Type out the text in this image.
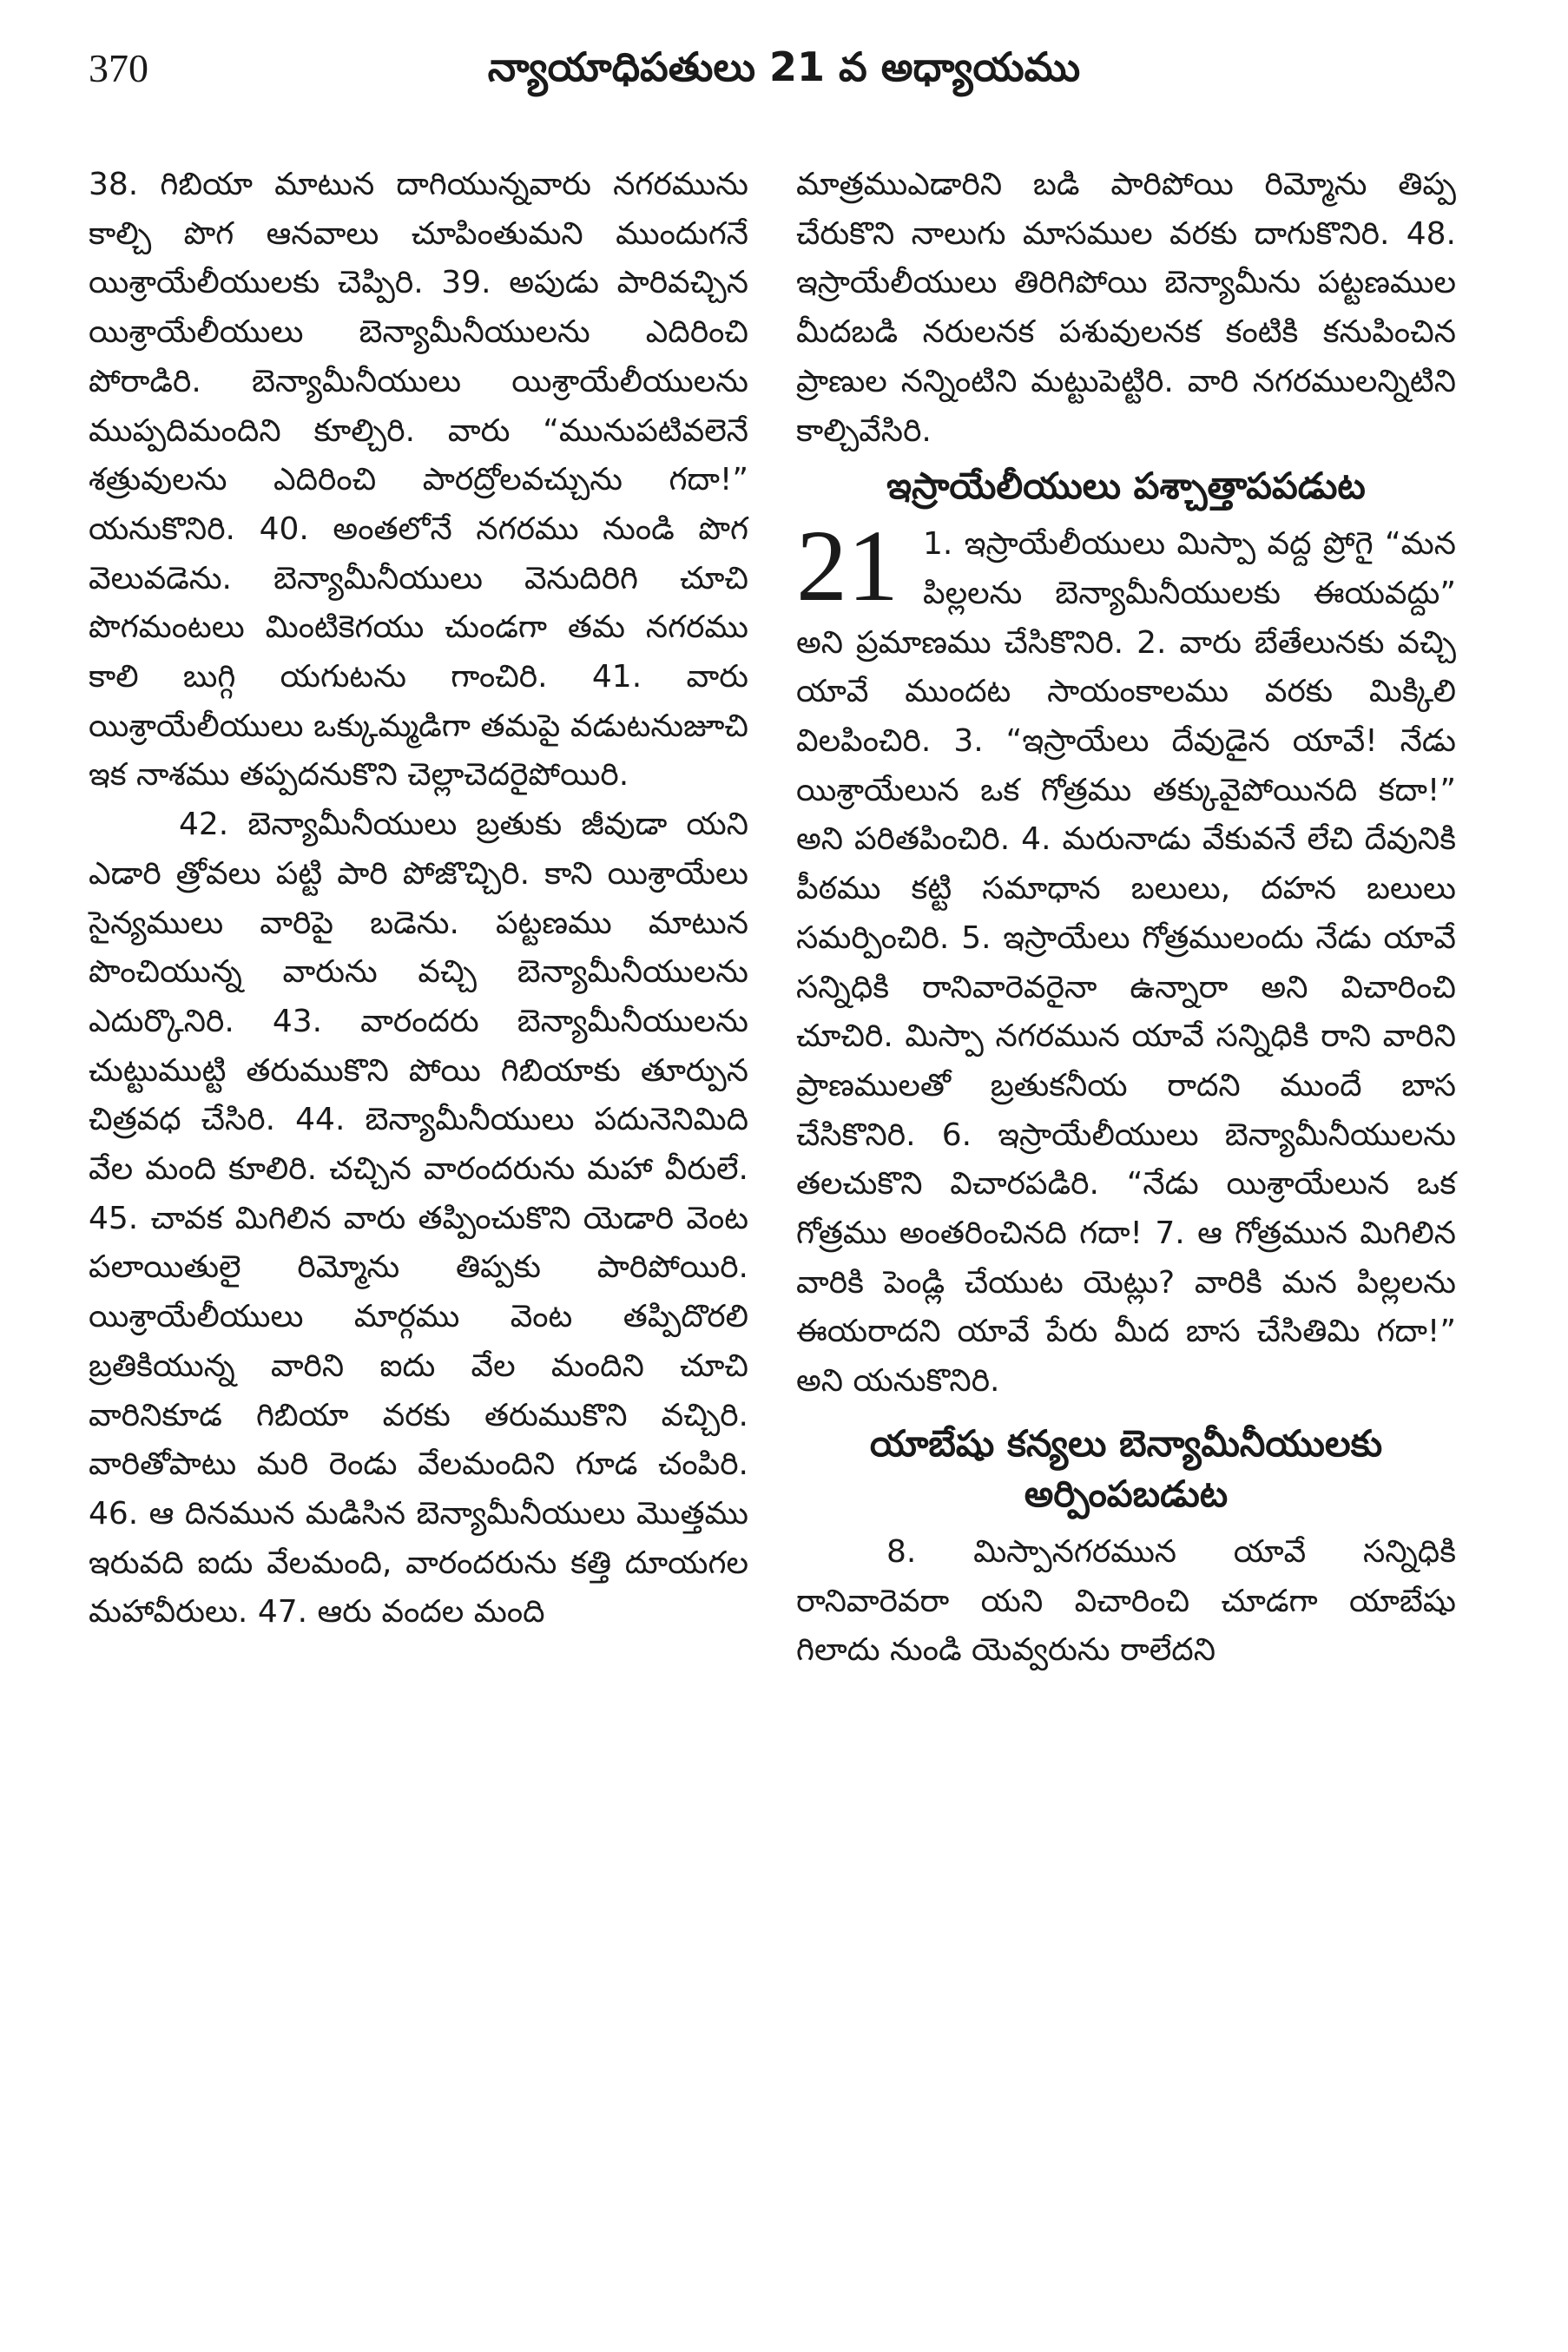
370	న్యాయాధిపతులు 21 వ అధ్యాయము

38. గిబియా మాటున దాగియున్నవారు నగరమును కాల్చి పొగ ఆనవాలు చూపింతుమని ముందుగనే యిశ్రాయేలీయులకు చెప్పిరి. 39. అపుడు పారివచ్చిన యిశ్రాయేలీయులు బెన్యామీనీయులను ఎదిరించి పోరాడిరి. బెన్యామీనీయులు యిశ్రాయేలీయులను ముప్పదిమందిని కూల్చిరి. వారు “మునుపటివలెనే శత్రువులను ఎదిరించి పారద్రోలవచ్చును గదా!” యనుకొనిరి. 40. అంతలోనే నగరము నుండి పొగ వెలువడెను. బెన్యామీనీయులు వెనుదిరిగి చూచి పొగమంటలు మింటికెగయు చుండగా తమ నగరము కాలి బుగ్గి యగుటను గాంచిరి. 41. వారు యిశ్రాయేలీయులు ఒక్కుమ్మడిగా తమపై వడుటనుజూచి ఇక నాశము తప్పదనుకొని చెల్లాచెదరైపోయిరి.

42. బెన్యామీనీయులు బ్రతుకు జీవుడా యని ఎడారి త్రోవలు పట్టి పారి పోజొచ్చిరి. కాని యిశ్రాయేలు సైన్యములు వారిపై బడెను. పట్టణము మాటున పొంచియున్న వారును వచ్చి బెన్యామీనీయులను ఎదుర్కొనిరి. 43. వారందరు బెన్యామీనీయులను చుట్టుముట్టి తరుముకొని పోయి గిబియాకు తూర్పున చిత్రవధ చేసిరి. 44. బెన్యామీనీయులు పదునెనిమిది వేల మంది కూలిరి. చచ్చిన వారందరును మహా వీరులే. 45. చావక మిగిలిన వారు తప్పించుకొని యెడారి వెంట పలాయితులై రిమ్మోను తిప్పకు పారిపోయిరి. యిశ్రాయేలీయులు మార్గము వెంట తప్పిదొరలి బ్రతికియున్న వారిని ఐదు వేల మందిని చూచి వారినికూడ గిబియా వరకు తరుముకొని వచ్చిరి. వారితోపాటు మరి రెండు వేలమందిని గూడ చంపిరి. 46. ఆ దినమున మడిసిన బెన్యామీనీయులు మొత్తము ఇరువది ఐదు వేలమంది, వారందరును కత్తి దూయగల మహావీరులు. 47. ఆరు వందల మంది

మాత్రముఎడారిని బడి పారిపోయి రిమ్మోను తిప్ప చేరుకొని నాలుగు మాసముల వరకు దాగుకొనిరి. 48. ఇస్రాయేలీయులు తిరిగిపోయి బెన్యామీను పట్టణముల మీదబడి నరులనక పశువులనక కంటికి కనుపించిన ప్రాణుల నన్నింటిని మట్టుపెట్టిరి. వారి నగరములన్నిటిని కాల్చివేసిరి.

ఇస్రాయేలీయులు పశ్చాత్తాపపడుట
21 1. ఇస్రాయేలీయులు మిస్పా వద్ద ప్రోగై “మన పిల్లలను బెన్యామీనీయులకు ఈయవద్దు” అని ప్రమాణము చేసికొనిరి. 2. వారు బేతేలునకు వచ్చి యావే ముందట సాయంకాలము వరకు మిక్కిలి విలపించిరి. 3. “ఇస్రాయేలు దేవుడైన యావే! నేడు యిశ్రాయేలున ఒక గోత్రము తక్కువైపోయినది కదా!” అని పరితపించిరి. 4. మరునాడు వేకువనే లేచి దేవునికి పీఠము కట్టి సమాధాన బలులు, దహన బలులు సమర్పించిరి. 5. ఇస్రాయేలు గోత్రములందు నేడు యావే సన్నిధికి రానివారెవరైనా ఉన్నారా అని విచారించి చూచిరి. మిస్పా నగరమున యావే సన్నిధికి రాని వారిని ప్రాణములతో బ్రతుకనీయ రాదని ముందే బాస చేసికొనిరి. 6. ఇస్రాయేలీయులు బెన్యామీనీయులను తలచుకొని విచారపడిరి. “నేడు యిశ్రాయేలున ఒక గోత్రము అంతరించినది గదా! 7. ఆ గోత్రమున మిగిలిన వారికి పెండ్లి చేయుట యెట్లు? వారికి మన పిల్లలను ఈయరాదని యావే పేరు మీద బాస చేసితిమి గదా!” అని యనుకొనిరి.

యాబేషు కన్యలు బెన్యామీనీయులకు
అర్పింపబడుట

8. మిస్పానగరమున యావే సన్నిధికి రానివారెవరా యని విచారించి చూడగా యాబేషు గిలాదు నుండి యెవ్వరును రాలేదని
